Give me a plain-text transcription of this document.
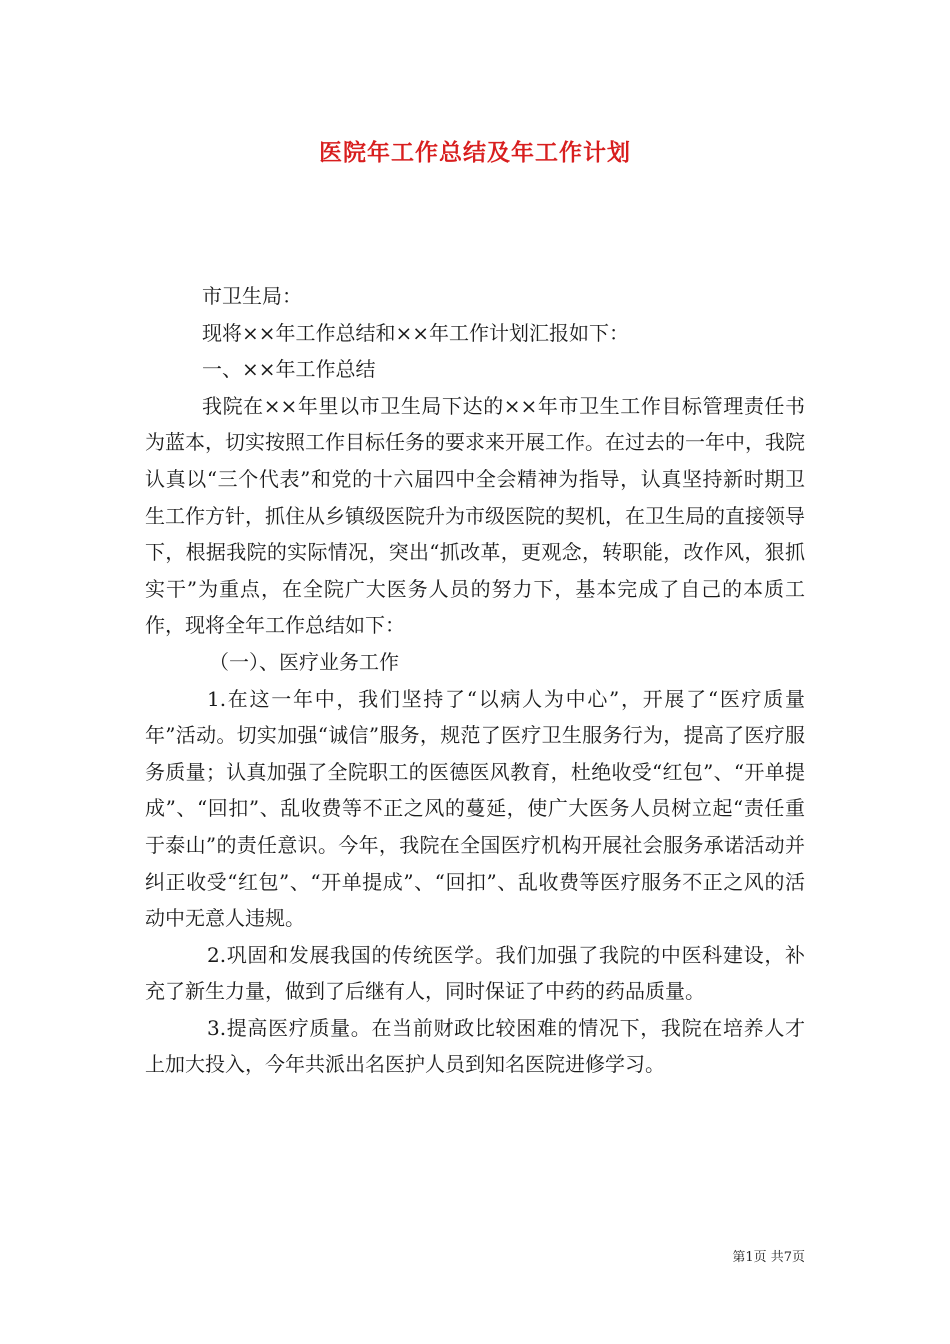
医院年工作总结及年工作计划

市卫生局：

现将××年工作总结和××年工作计划汇报如下：

一、××年工作总结

我院在××年里以市卫生局下达的××年市卫生工作目标管理责任书为蓝本，切实按照工作目标任务的要求来开展工作。在过去的一年中，我院认真以“三个代表”和党的十六届四中全会精神为指导，认真坚持新时期卫生工作方针，抓住从乡镇级医院升为市级医院的契机，在卫生局的直接领导下，根据我院的实际情况，突出“抓改革，更观念，转职能，改作风，狠抓实干”为重点，在全院广大医务人员的努力下，基本完成了自己的本质工作，现将全年工作总结如下：

（一）、医疗业务工作

1.在这一年中，我们坚持了“以病人为中心”，开展了“医疗质量年”活动。切实加强“诚信”服务，规范了医疗卫生服务行为，提高了医疗服务质量；认真加强了全院职工的医德医风教育，杜绝收受“红包”、“开单提成”、“回扣”、乱收费等不正之风的蔓延，使广大医务人员树立起“责任重于泰山”的责任意识。今年，我院在全国医疗机构开展社会服务承诺活动并纠正收受“红包”、“开单提成”、“回扣”、乱收费等医疗服务不正之风的活动中无意人违规。

2.巩固和发展我国的传统医学。我们加强了我院的中医科建设，补充了新生力量，做到了后继有人，同时保证了中药的药品质量。

3.提高医疗质量。在当前财政比较困难的情况下，我院在培养人才上加大投入，今年共派出名医护人员到知名医院进修学习。

第1页 共7页
